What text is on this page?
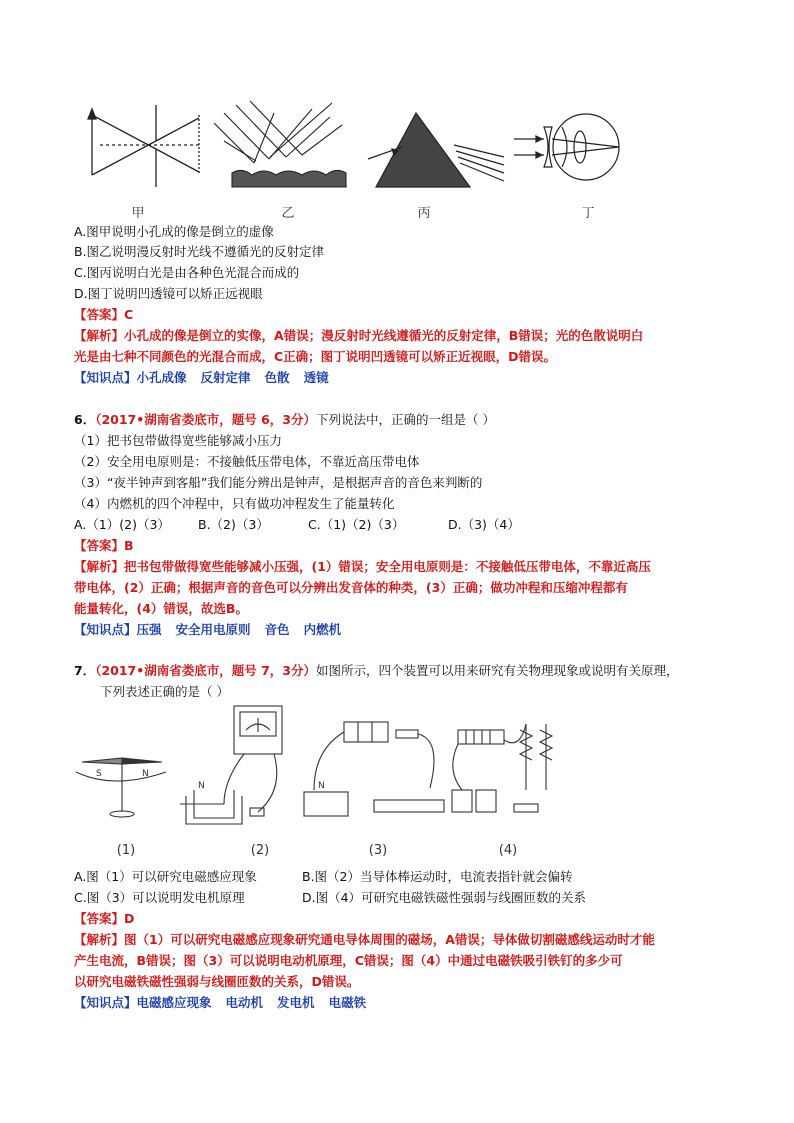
甲	乙	丙	丁
A.图甲说明小孔成的像是倒立的虚像
B.图乙说明漫反射时光线不遵循光的反射定律
C.图丙说明白光是由各种色光混合而成的
D.图丁说明凹透镜可以矫正远视眼
【答案】C
【解析】小孔成的像是倒立的实像，A错误；漫反射时光线遵循光的反射定律，B错误；光的色散说明白
光是由七种不同颜色的光混合而成，C正确；图丁说明凹透镜可以矫正近视眼，D错误。
【知识点】小孔成像 反射定律 色散 透镜
6．（2017•湖南省娄底市，题号 6，3分）下列说法中，正确的一组是（ ）
（1）把书包带做得宽些能够减小压力
（2）安全用电原则是：不接触低压带电体，不靠近高压带电体
（3）“夜半钟声到客船”我们能分辨出是钟声，是根据声音的音色来判断的
（4）内燃机的四个冲程中，只有做功冲程发生了能量转化
A.（1）(2)（3） B.（2)（3）	C.（1)（2)（3）	D.（3)（4）
【答案】B
【解析】把书包带做得宽些能够减小压强，(1）错误；安全用电原则是：不接触低压带电体，不靠近高压
带电体，(2）正确；根据声音的音色可以分辨出发音体的种类，(3）正确；做功冲程和压缩冲程都有
能量转化，(4）错误，故选B。
【知识点】压强 安全用电原则 音色 内燃机
7．（2017•湖南省娄底市，题号 7，3分）如图所示，四个装置可以用来研究有关物理现象或说明有关原理，
下列表述正确的是（ ）
S	N
N	N
(1)	(2)	(3)	(4)
A.图（1）可以研究电磁感应现象	B.图（2）当导体棒运动时，电流表指针就会偏转
C.图（3）可以说明发电机原理	D.图（4）可研究电磁铁磁性强弱与线圈匝数的关系
【答案】D
【解析】图（1）可以研究电磁感应现象研究通电导体周围的磁场，A错误；导体做切割磁感线运动时才能
产生电流，B错误；图（3）可以说明电动机原理，C错误；图（4）中通过电磁铁吸引铁钉的多少可
以研究电磁铁磁性强弱与线圈匝数的关系，D错误。
【知识点】电磁感应现象 电动机 发电机 电磁铁
